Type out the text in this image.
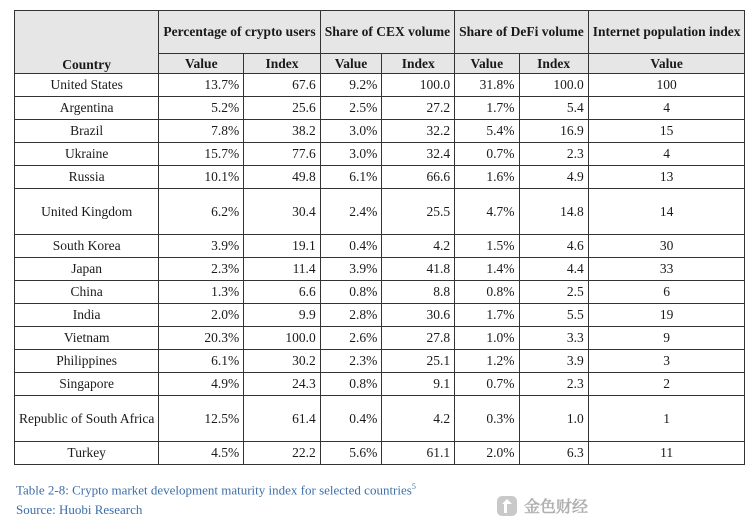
Country	Percentage of crypto users		Share of CEX volume		Share of DeFi volume		Internet population index
	Value	Index	Value	Index	Value	Index	Value
United States	13.7%	67.6	9.2%	100.0	31.8%	100.0	100
Argentina	5.2%	25.6	2.5%	27.2	1.7%	5.4	4
Brazil	7.8%	38.2	3.0%	32.2	5.4%	16.9	15
Ukraine	15.7%	77.6	3.0%	32.4	0.7%	2.3	4
Russia	10.1%	49.8	6.1%	66.6	1.6%	4.9	13
United Kingdom	6.2%	30.4	2.4%	25.5	4.7%	14.8	14
South Korea	3.9%	19.1	0.4%	4.2	1.5%	4.6	30
Japan	2.3%	11.4	3.9%	41.8	1.4%	4.4	33
China	1.3%	6.6	0.8%	8.8	0.8%	2.5	6
India	2.0%	9.9	2.8%	30.6	1.7%	5.5	19
Vietnam	20.3%	100.0	2.6%	27.8	1.0%	3.3	9
Philippines	6.1%	30.2	2.3%	25.1	1.2%	3.9	3
Singapore	4.9%	24.3	0.8%	9.1	0.7%	2.3	2
Republic of South Africa	12.5%	61.4	0.4%	4.2	0.3%	1.0	1
Turkey	4.5%	22.2	5.6%	61.1	2.0%	6.3	11
Table 2-8: Crypto market development maturity index for selected countries$^5$
Source: Huobi Research	金色财经
